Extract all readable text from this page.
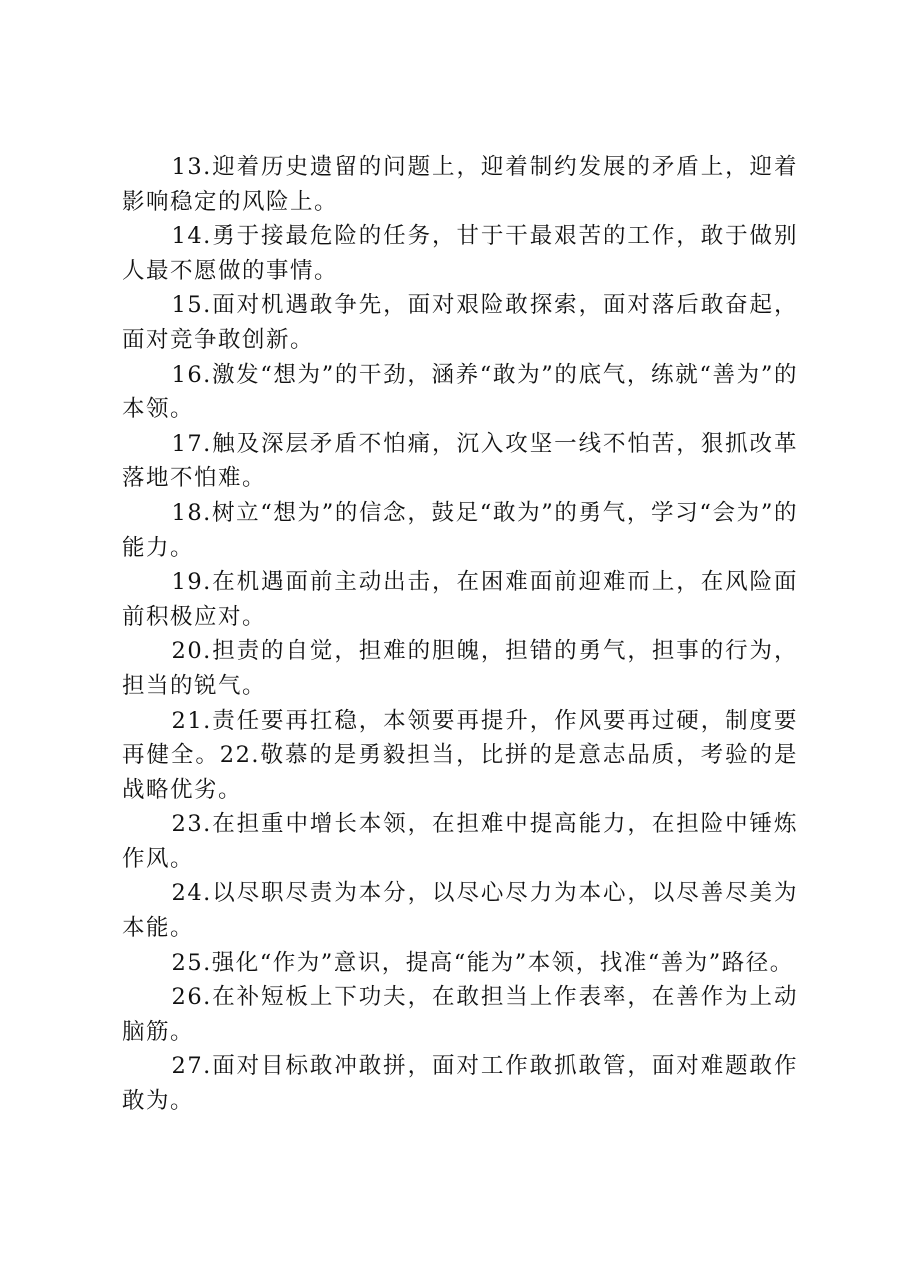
13.迎着历史遗留的问题上，迎着制约发展的矛盾上，迎着影响稳定的风险上。

14.勇于接最危险的任务，甘于干最艰苦的工作，敢于做别人最不愿做的事情。

15.面对机遇敢争先，面对艰险敢探索，面对落后敢奋起，面对竞争敢创新。

16.激发“想为”的干劲，涵养“敢为”的底气，练就“善为”的本领。

17.触及深层矛盾不怕痛，沉入攻坚一线不怕苦，狠抓改革落地不怕难。

18.树立“想为”的信念，鼓足“敢为”的勇气，学习“会为”的能力。

19.在机遇面前主动出击，在困难面前迎难而上，在风险面前积极应对。

20.担责的自觉，担难的胆魄，担错的勇气，担事的行为，担当的锐气。

21.责任要再扛稳，本领要再提升，作风要再过硬，制度要再健全。22.敬慕的是勇毅担当，比拼的是意志品质，考验的是战略优劣。

23.在担重中增长本领，在担难中提高能力，在担险中锤炼作风。

24.以尽职尽责为本分，以尽心尽力为本心，以尽善尽美为本能。

25.强化“作为”意识，提高“能为”本领，找准“善为”路径。

26.在补短板上下功夫，在敢担当上作表率，在善作为上动脑筋。

27.面对目标敢冲敢拼，面对工作敢抓敢管，面对难题敢作敢为。
